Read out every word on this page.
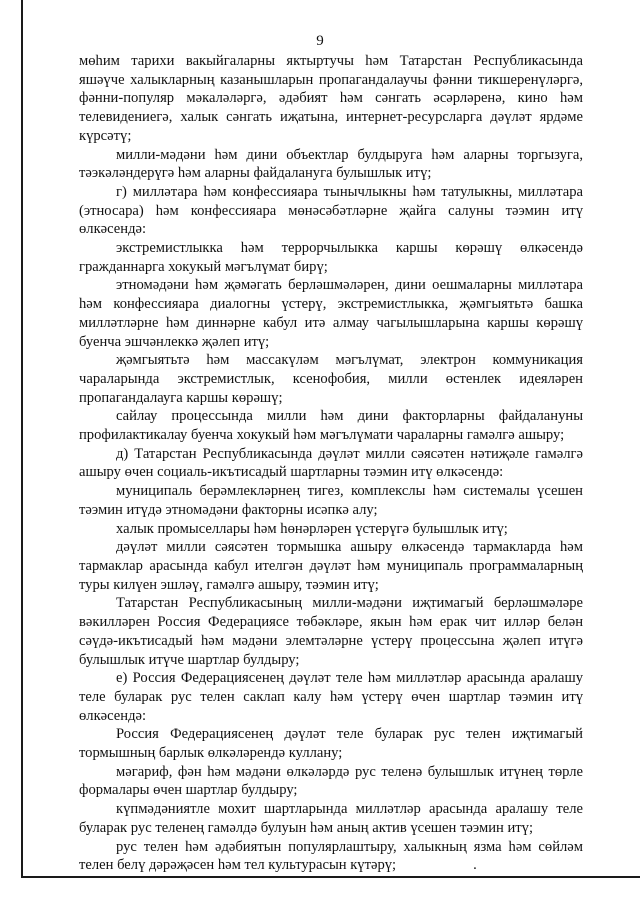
9

мөһим тарихи вакыйгаларны яктыртучы һәм Татарстан Республикасында яшәүче халыкларның казанышларын пропагандалаучы фәнни тикшеренүләргә, фәнни-популяр мәкаләләргә, әдәбият һәм сәнгать әсәрләренә, кино һәм телевидениегә, халык сәнгать иҗатына, интернет-ресурсларга дәүләт ярдәме күрсәтү;

милли-мәдәни һәм дини объектлар булдыруга һәм аларны торгызуга, тәэкәләндерүгә һәм аларны файдалануга булышлык итү;

г) милләтара һәм конфессияара тынычлыкны һәм татулыкны, милләтара (этносара) һәм конфессияара мөнәсәбәтләрне җайга салуны тәэмин итү өлкәсендә:

экстремистлыкка һәм террорчылыкка каршы көрәшү өлкәсендә гражданнарга хокукый мәгълүмат бирү;

этномәдәни һәм җәмәгать берләшмәләрен, дини оешмаларны милләтара һәм конфессияара диалогны үстерү, экстремистлыкка, җәмгыятьтә башка милләтләрне һәм диннәрне кабул итә алмау чагылышларына каршы көрәшү буенча эшчәнлеккә җәлеп итү;

җәмгыятьтә һәм массакүләм мәгълүмат, электрон коммуникация чараларында экстремистлык, ксенофобия, милли өстенлек идеяләрен пропагандалауга каршы көрәшү;

сайлау процессында милли һәм дини факторларны файдалануны профилактикалау буенча хокукый һәм мәгълүмати чараларны гамәлгә ашыру;

д) Татарстан Республикасында дәүләт милли сәясәтен нәтиҗәле гамәлгә ашыру өчен социаль-икътисадый шартларны тәэмин итү өлкәсендә:

муниципаль берәмлекләрнең тигез, комплекслы һәм системалы үсешен тәэмин итүдә этномәдәни факторны исәпкә алу;

халык промыселлары һәм һөнәрләрен үстерүгә булышлык итү;

дәүләт милли сәясәтен тормышка ашыру өлкәсендә тармакларда һәм тармаклар арасында кабул ителгән дәүләт һәм муниципаль программаларның туры килүен эшләү, гамәлгә ашыру, тәэмин итү;

Татарстан Республикасының милли-мәдәни иҗтимагый берләшмәләре вәкилләрен Россия Федерациясе төбәкләре, якын һәм ерак чит илләр белән сәүдә-икътисадый һәм мәдәни элемтәләрне үстерү процессына җәлеп итүгә булышлык итүче шартлар булдыру;

е) Россия Федерациясенең дәүләт теле һәм милләтләр арасында аралашу теле буларак рус телен саклап калу һәм үстерү өчен шартлар тәэмин итү өлкәсендә:

Россия Федерациясенең дәүләт теле буларак рус телен иҗтимагый тормышның барлык өлкәләрендә куллану;

мәгариф, фән һәм мәдәни өлкәләрдә рус теленә булышлык итүнең төрле формалары өчен шартлар булдыру;

күпмәдәниятле мохит шартларында милләтләр арасында аралашу теле буларак рус теленең гамәлдә булуын һәм аның актив үсешен тәэмин итү;

рус телен һәм әдәбиятын популярлаштыру, халыкның язма һәм сөйләм телен белү дәрәҗәсен һәм тел культурасын күтәрү;	.
